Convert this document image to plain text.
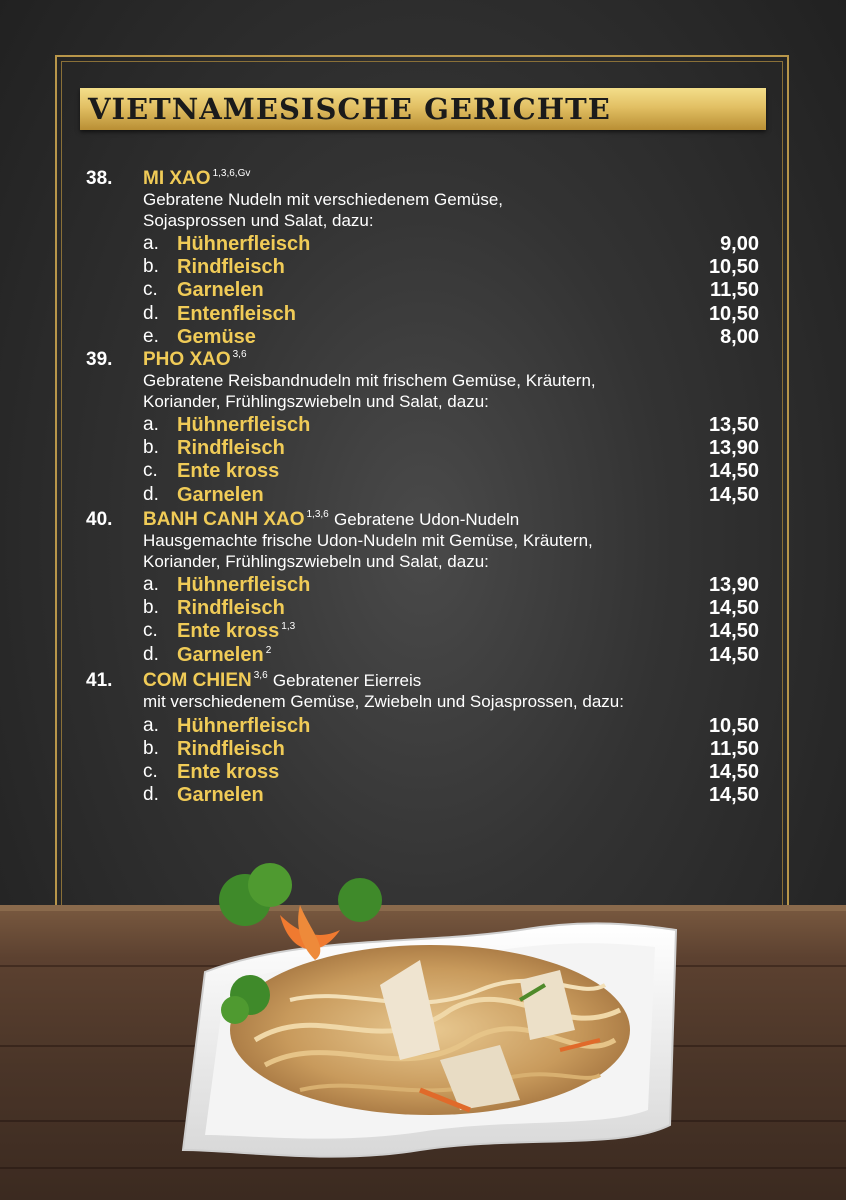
VIETNAMESISCHE GERICHTE
38. MI XAO $^{1,3,6,Gv}$
Gebratene Nudeln mit verschiedenem Gemüse,
Sojasprossen und Salat, dazu:
a. Hühnerfleisch	9,00
b. Rindfleisch	10,50
c. Garnelen	11,50
d. Entenfleisch	10,50
e. Gemüse	8,00
39. PHO XAO $^{3,6}$
Gebratene Reisbandnudeln mit frischem Gemüse, Kräutern,
Koriander, Frühlingszwiebeln und Salat, dazu:
a. Hühnerfleisch	13,50
b. Rindfleisch	13,90
c. Ente kross	14,50
d. Garnelen	14,50
40. BANH CANH XAO $^{1,3,6}$ Gebratene Udon-Nudeln
Hausgemachte frische Udon-Nudeln mit Gemüse, Kräutern,
Koriander, Frühlingszwiebeln und Salat, dazu:
a. Hühnerfleisch	13,90
b. Rindfleisch	14,50
c. Ente kross $^{1,3}$	14,50
d. Garnelen $^2$	14,50
41. COM CHIEN $^{3,6}$ Gebratener Eierreis
mit verschiedenem Gemüse, Zwiebeln und Sojasprossen, dazu:
a. Hühnerfleisch	10,50
b. Rindfleisch	11,50
c. Ente kross	14,50
d. Garnelen	14,50
